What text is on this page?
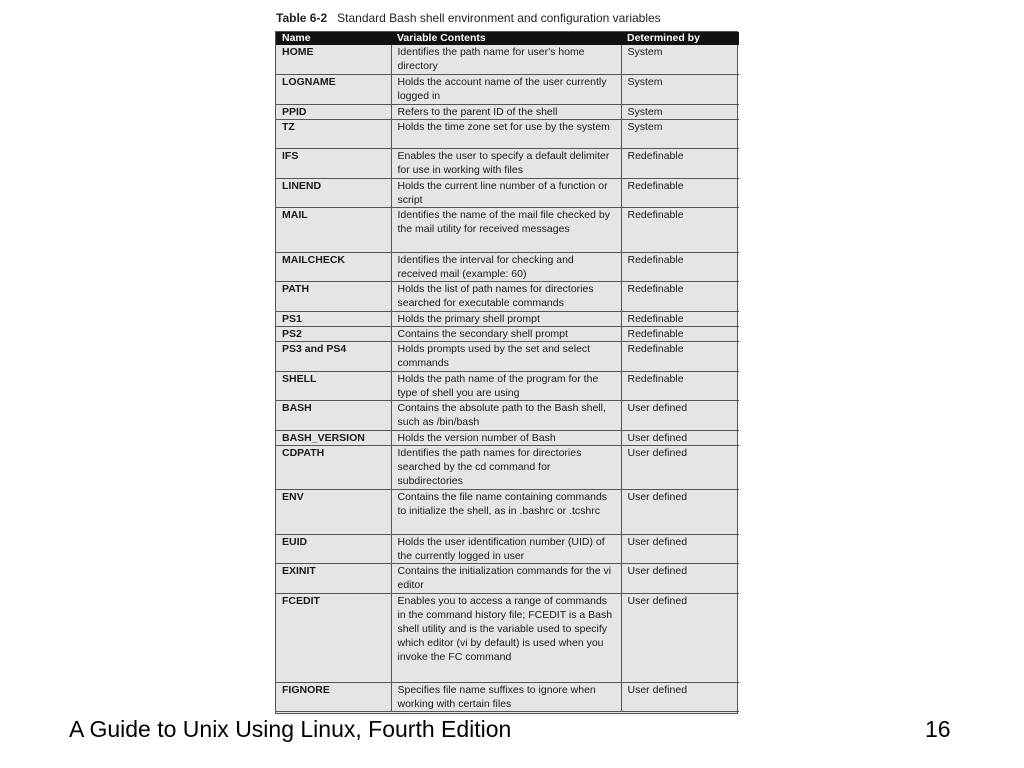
Table 6-2 Standard Bash shell environment and configuration variables
Name	Variable Contents	Determined by
HOME	Identifies the path name for user's home directory	System
LOGNAME	Holds the account name of the user currently logged in	System
PPID	Refers to the parent ID of the shell	System
TZ	Holds the time zone set for use by the system	System
IFS	Enables the user to specify a default delimiter for use in working with files	Redefinable
LINEND	Holds the current line number of a function or script	Redefinable
MAIL	Identifies the name of the mail file checked by the mail utility for received messages	Redefinable
MAILCHECK	Identifies the interval for checking and received mail (example: 60)	Redefinable
PATH	Holds the list of path names for directories searched for executable commands	Redefinable
PS1	Holds the primary shell prompt	Redefinable
PS2	Contains the secondary shell prompt	Redefinable
PS3 and PS4	Holds prompts used by the set and select commands	Redefinable
SHELL	Holds the path name of the program for the type of shell you are using	Redefinable
BASH	Contains the absolute path to the Bash shell, such as /bin/bash	User defined
BASH_VERSION	Holds the version number of Bash	User defined
CDPATH	Identifies the path names for directories searched by the cd command for subdirectories	User defined
ENV	Contains the file name containing commands to initialize the shell, as in .bashrc or .tcshrc	User defined
EUID	Holds the user identification number (UID) of the currently logged in user	User defined
EXINIT	Contains the initialization commands for the vi editor	User defined
FCEDIT	Enables you to access a range of commands in the command history file; FCEDIT is a Bash shell utility and is the variable used to specify which editor (vi by default) is used when you invoke the FC command	User defined
FIGNORE	Specifies file name suffixes to ignore when working with certain files	User defined
A Guide to Unix Using Linux, Fourth Edition	16
